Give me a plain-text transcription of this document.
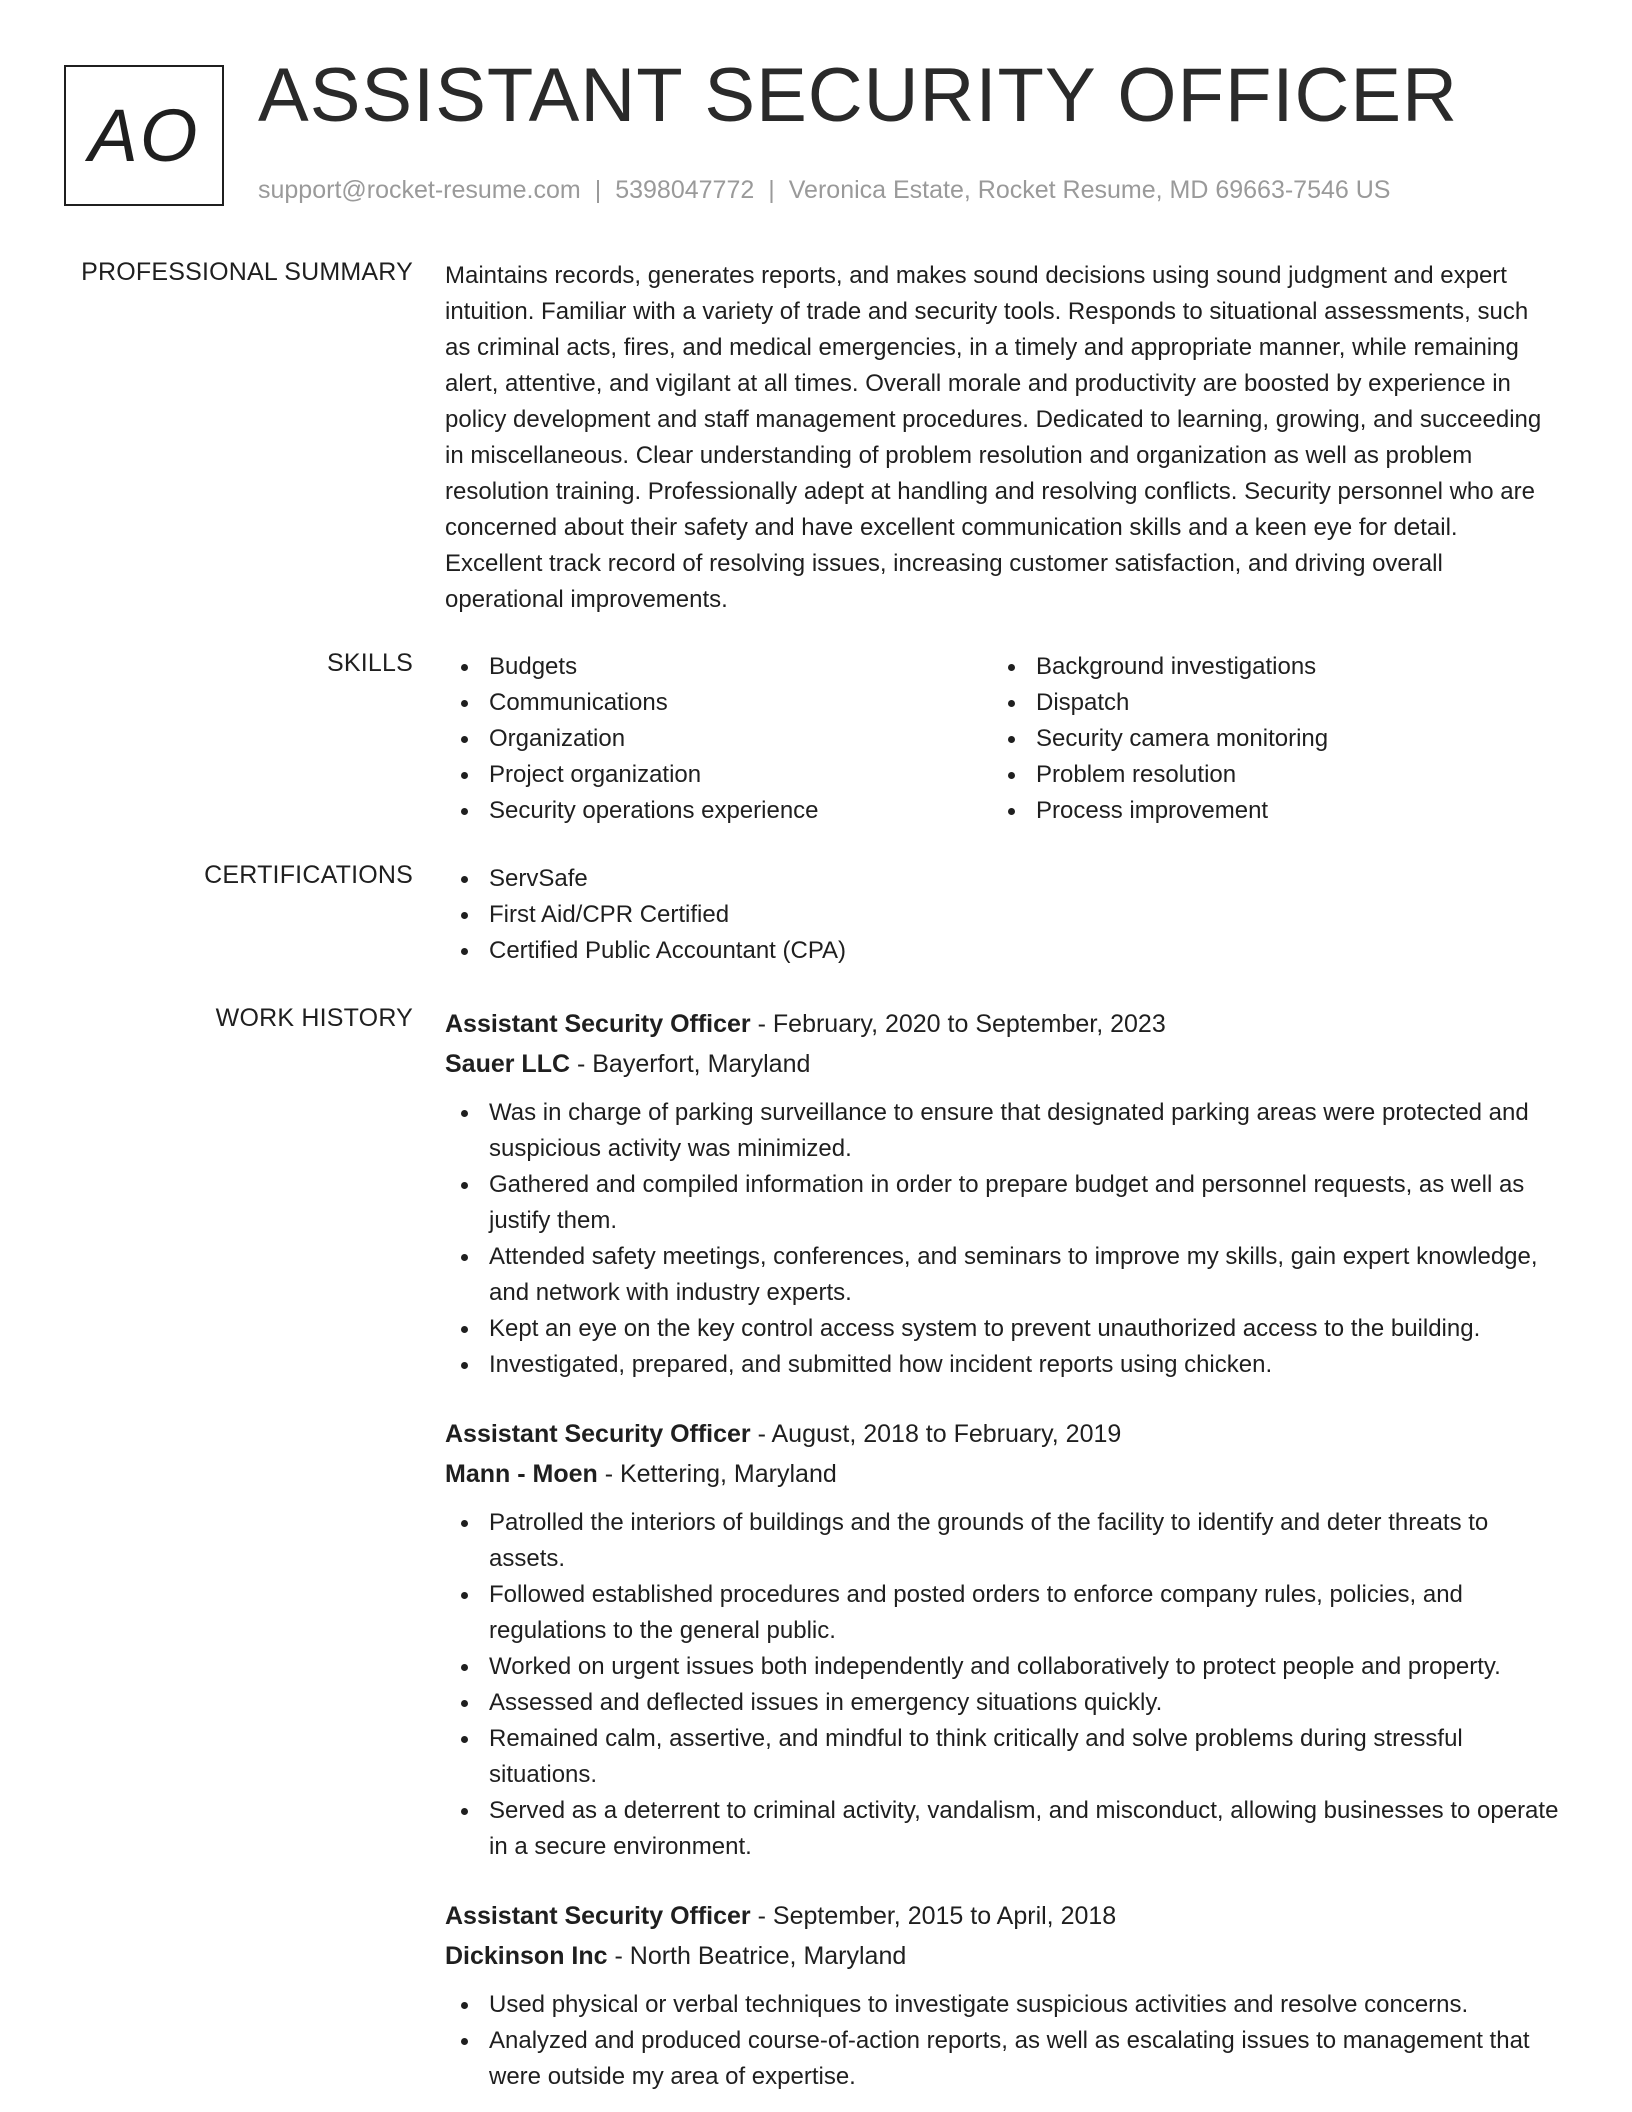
AO ASSISTANT SECURITY OFFICER
support@rocket-resume.com | 5398047772 | Veronica Estate, Rocket Resume, MD 69663-7546 US
PROFESSIONAL SUMMARY Maintains records, generates reports, and makes sound decisions using sound judgment and expert intuition. Familiar with a variety of trade and security tools. Responds to situational assessments, such as criminal acts, fires, and medical emergencies, in a timely and appropriate manner, while remaining alert, attentive, and vigilant at all times. Overall morale and productivity are boosted by experience in policy development and staff management procedures. Dedicated to learning, growing, and succeeding in miscellaneous. Clear understanding of problem resolution and organization as well as problem resolution training. Professionally adept at handling and resolving conflicts. Security personnel who are concerned about their safety and have excellent communication skills and a keen eye for detail. Excellent track record of resolving issues, increasing customer satisfaction, and driving overall operational improvements.

SKILLS	Budgets
Communications
Organization
Project organization
Security operations experience
Background investigations
Dispatch
Security camera monitoring
Problem resolution
Process improvement
CERTIFICATIONS	ServSafe
First Aid/CPR Certified
Certified Public Accountant (CPA)
WORK HISTORY Assistant Security Officer - February, 2020 to September, 2023
Sauer LLC - Bayerfort, Maryland
Was in charge of parking surveillance to ensure that designated parking areas were protected and suspicious activity was minimized.
Gathered and compiled information in order to prepare budget and personnel requests, as well as justify them.
Attended safety meetings, conferences, and seminars to improve my skills, gain expert knowledge, and network with industry experts.
Kept an eye on the key control access system to prevent unauthorized access to the building.
Investigated, prepared, and submitted how incident reports using chicken.
Assistant Security Officer - August, 2018 to February, 2019
Mann - Moen - Kettering, Maryland
Patrolled the interiors of buildings and the grounds of the facility to identify and deter threats to assets.
Followed established procedures and posted orders to enforce company rules, policies, and regulations to the general public.
Worked on urgent issues both independently and collaboratively to protect people and property.
Assessed and deflected issues in emergency situations quickly.
Remained calm, assertive, and mindful to think critically and solve problems during stressful situations.
Served as a deterrent to criminal activity, vandalism, and misconduct, allowing businesses to operate in a secure environment.
Assistant Security Officer - September, 2015 to April, 2018
Dickinson Inc - North Beatrice, Maryland
Used physical or verbal techniques to investigate suspicious activities and resolve concerns.
Analyzed and produced course-of-action reports, as well as escalating issues to management that were outside my area of expertise.
